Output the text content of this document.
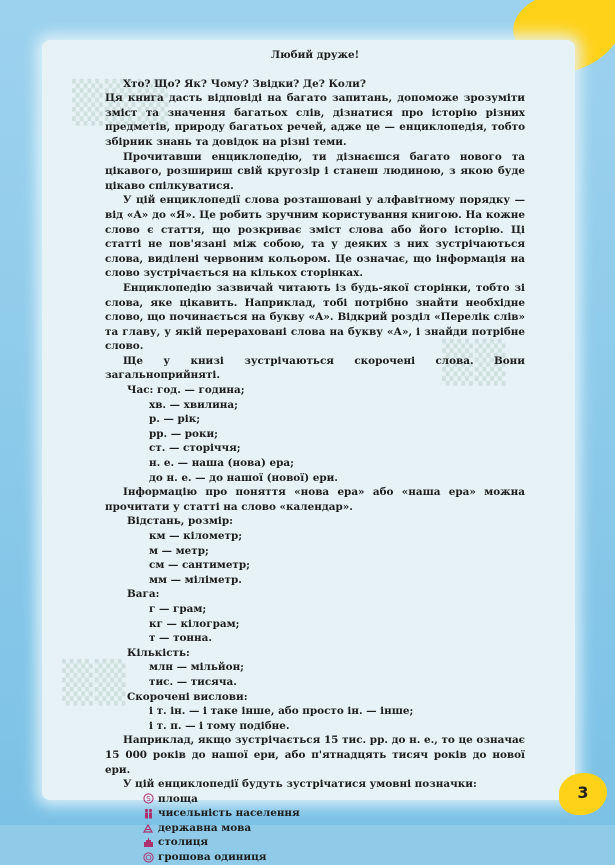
▒▒▒
▒▒
▒▒

Любий друже!

Хто? Що? Як? Чому? Звідки? Де? Коли?

Ця книга дасть відповіді на багато запитань, допоможе зрозуміти зміст та значення багатьох слів, дізнатися про історію різних предметів, природу багатьох речей, адже це — енциклопедія, тобто збірник знань та довідок на різні теми.

Прочитавши енциклопедію, ти дізнаєшся багато нового та цікавого, розшириш свій кругозір і станеш людиною, з якою буде цікаво спілкуватися.

У цій енциклопедії слова розташовані у алфавітному порядку — від «А» до «Я». Це робить зручним користування книгою. На кожне слово є стаття, що розкриває зміст слова або його історію. Ці статті не пов'язані між собою, та у деяких з них зустрічаються слова, виділені червоним кольором. Це означає, що інформація на слово зустрічається на кількох сторінках.

Енциклопедію зазвичай читають із будь-якої сторінки, тобто зі слова, яке цікавить. Наприклад, тобі потрібно знайти необхідне слово, що починається на букву «А». Відкрий розділ «Перелік слів» та главу, у якій перераховані слова на букву «А», і знайди потрібне слово.

Ще у книзі зустрічаються скорочені слова. Вони загальноприйняті.

Час: год. — година;

хв. — хвилина;

р. — рік;

рр. — роки;

ст. — сторіччя;

н. е. — наша (нова) ера;

до н. е. — до нашої (нової) ери.

Інформацію про поняття «нова ера» або «наша ера» можна прочитати у статті на слово «календар».

Відстань, розмір:

км — кілометр;

м — метр;

см — сантиметр;

мм — міліметр.

Вага:

г — грам;

кг — кілограм;

т — тонна.

Кількість:

млн — мільйон;

тис. — тисяча.

Скорочені вислови:

і т. ін. — і таке інше, або просто ін. — інше;

і т. п. — і тому подібне.

Наприклад, якщо зустрічається 15 тис. рр. до н. е., то це означає 15 000 років до нашої ери, або п'ятнадцять тисяч років до нової ери.

У цій енциклопедії будуть зустрічатися умовні позначки:

S площа
чисельність населення
державна мова
столиця
грошова одиниця
3
